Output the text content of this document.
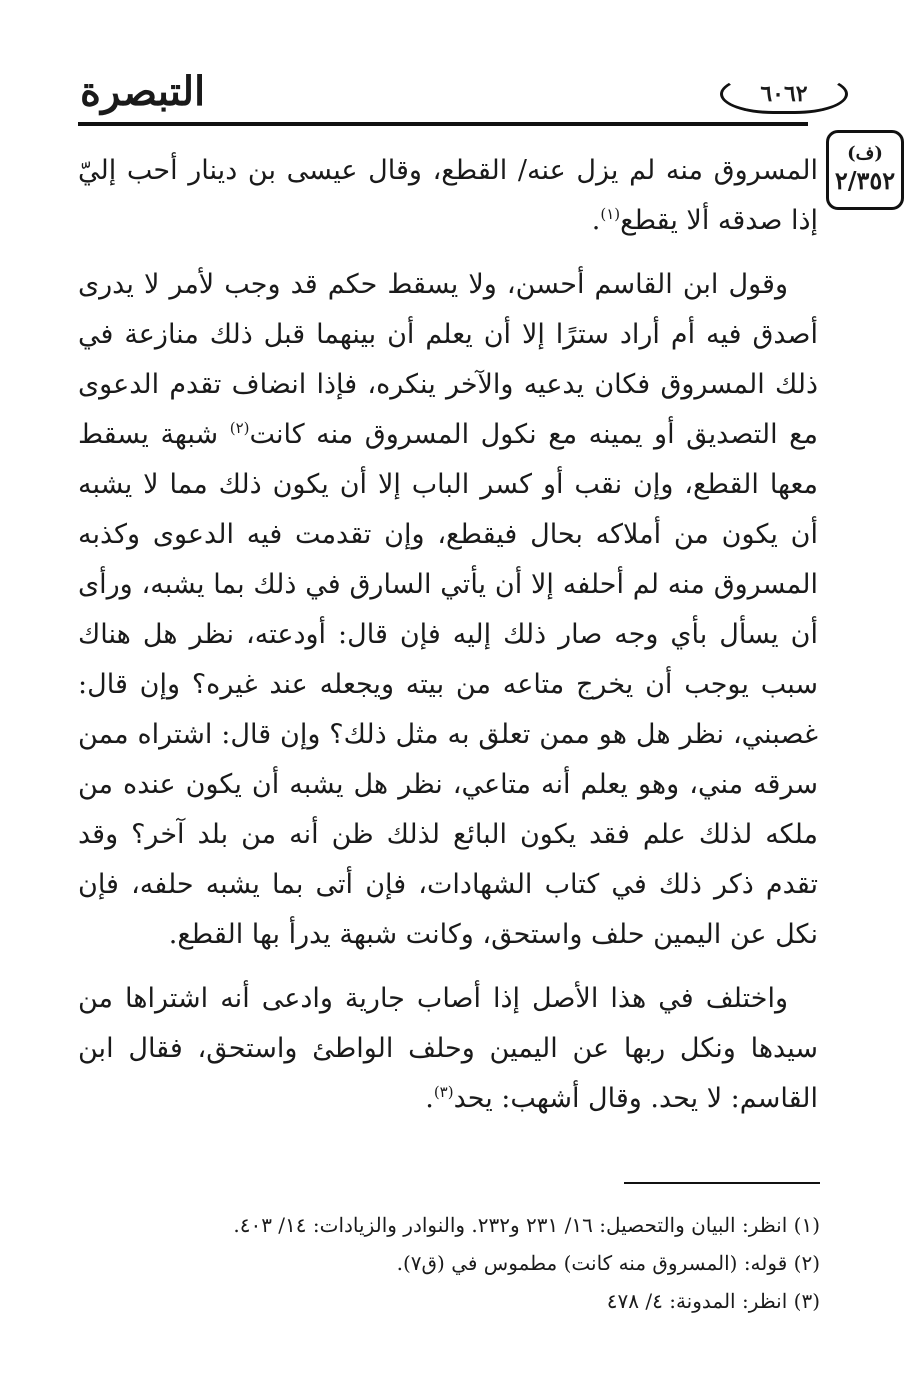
التبصرة	٦٠٦٢
(ف)
٢/٣٥٢

المسروق منه لم يزل عنه/ القطع، وقال عيسى بن دينار أحب إليّ إذا صدقه ألا يقطع$^{(١)}$.

وقول ابن القاسم أحسن، ولا يسقط حكم قد وجب لأمر لا يدرى أصدق فيه أم أراد سترًا إلا أن يعلم أن بينهما قبل ذلك منازعة في ذلك المسروق فكان يدعيه والآخر ينكره، فإذا انضاف تقدم الدعوى مع التصديق أو يمينه مع نكول المسروق منه كانت$^{(٢)}$ شبهة يسقط معها القطع، وإن نقب أو كسر الباب إلا أن يكون ذلك مما لا يشبه أن يكون من أملاكه بحال فيقطع، وإن تقدمت فيه الدعوى وكذبه المسروق منه لم أحلفه إلا أن يأتي السارق في ذلك بما يشبه، ورأى أن يسأل بأي وجه صار ذلك إليه فإن قال: أودعته، نظر هل هناك سبب يوجب أن يخرج متاعه من بيته ويجعله عند غيره؟ وإن قال: غصبني، نظر هل هو ممن تعلق به مثل ذلك؟ وإن قال: اشتراه ممن سرقه مني، وهو يعلم أنه متاعي، نظر هل يشبه أن يكون عنده من ملكه لذلك علم فقد يكون البائع لذلك ظن أنه من بلد آخر؟ وقد تقدم ذكر ذلك في كتاب الشهادات، فإن أتى بما يشبه حلفه، فإن نكل عن اليمين حلف واستحق، وكانت شبهة يدرأ بها القطع.

واختلف في هذا الأصل إذا أصاب جارية وادعى أنه اشتراها من سيدها ونكل ربها عن اليمين وحلف الواطئ واستحق، فقال ابن القاسم: لا يحد. وقال أشهب: يحد$^{(٣)}$.

(١) انظر: البيان والتحصيل: ١٦/ ٢٣١ و٢٣٢. والنوادر والزيادات: ١٤/ ٤٠٣.

(٢) قوله: (المسروق منه كانت) مطموس في (ق٧).

(٣) انظر: المدونة: ٤/ ٤٧٨
